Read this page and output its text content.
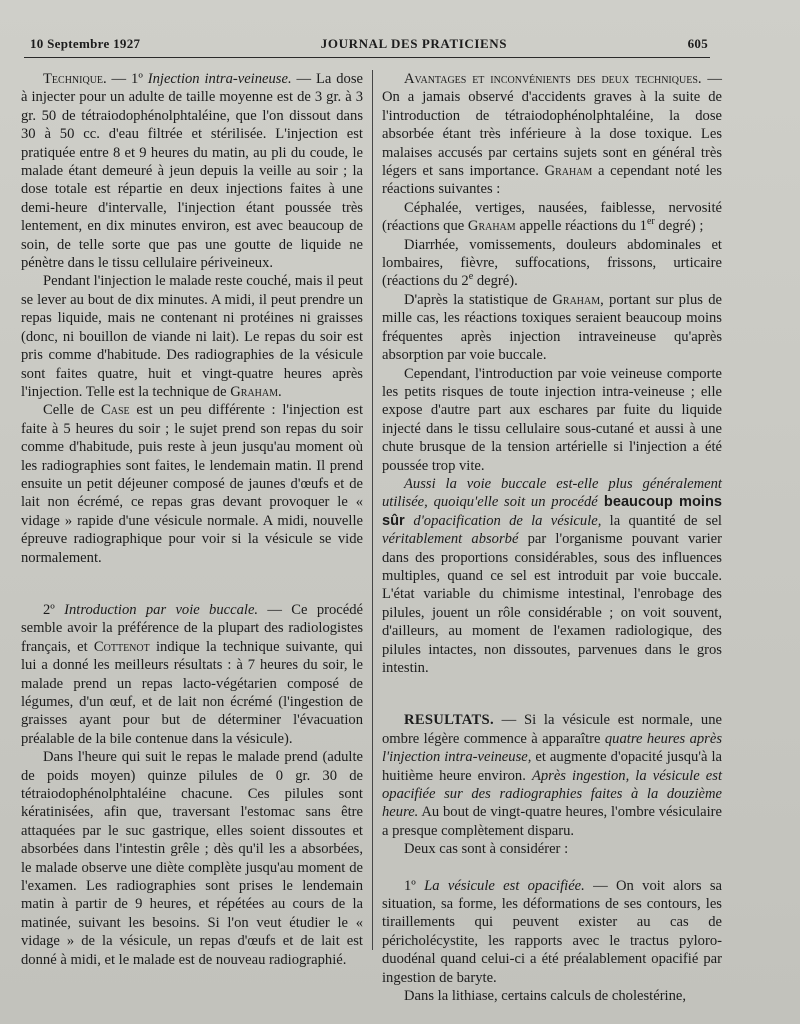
10 Septembre 1927	JOURNAL DES PRATICIENS	605

Technique. — 1º Injection intra-veineuse. — La dose à injecter pour un adulte de taille moyenne est de 3 gr. à 3 gr. 50 de tétraiodophénolphtaléine, que l'on dissout dans 30 à 50 cc. d'eau filtrée et stérilisée. L'injection est pratiquée entre 8 et 9 heures du matin, au pli du coude, le malade étant demeuré à jeun depuis la veille au soir ; la dose totale est répartie en deux injections faites à une demi-heure d'intervalle, l'injection étant poussée très lentement, en dix minutes environ, est avec beaucoup de soin, de telle sorte que pas une goutte de liquide ne pénètre dans le tissu cellulaire périveineux.

Pendant l'injection le malade reste couché, mais il peut se lever au bout de dix minutes. A midi, il peut prendre un repas liquide, mais ne contenant ni protéines ni graisses (donc, ni bouillon de viande ni lait). Le repas du soir est pris comme d'habitude. Des radiographies de la vésicule sont faites quatre, huit et vingt-quatre heures après l'injection. Telle est la technique de Graham.

Celle de Case est un peu différente : l'injection est faite à 5 heures du soir ; le sujet prend son repas du soir comme d'habitude, puis reste à jeun jusqu'au moment où les radiographies sont faites, le lendemain matin. Il prend ensuite un petit déjeuner composé de jaunes d'œufs et de lait non écrémé, ce repas gras devant provoquer le « vidage » rapide d'une vésicule normale. A midi, nouvelle épreuve radiographique pour voir si la vésicule se vide normalement.

2º Introduction par voie buccale. — Ce procédé semble avoir la préférence de la plupart des radiologistes français, et Cottenot indique la technique suivante, qui lui a donné les meilleurs résultats : à 7 heures du soir, le malade prend un repas lacto-végétarien composé de légumes, d'un œuf, et de lait non écrémé (l'ingestion de graisses ayant pour but de déterminer l'évacuation préalable de la bile contenue dans la vésicule).

Dans l'heure qui suit le repas le malade prend (adulte de poids moyen) quinze pilules de 0 gr. 30 de tétraiodophénolphtaléine chacune. Ces pilules sont kératinisées, afin que, traversant l'estomac sans être attaquées par le suc gastrique, elles soient dissoutes et absorbées dans l'intestin grêle ; dès qu'il les a absorbées, le malade observe une diète complète jusqu'au moment de l'examen. Les radiographies sont prises le lendemain matin à partir de 9 heures, et répétées au cours de la matinée, suivant les besoins. Si l'on veut étudier le « vidage » de la vésicule, un repas d'œufs et de lait est donné à midi, et le malade est de nouveau radiographié.

Avantages et inconvénients des deux techniques. — On a jamais observé d'accidents graves à la suite de l'introduction de tétraiodophénolphtaléine, la dose absorbée étant très inférieure à la dose toxique. Les malaises accusés par certains sujets sont en général très légers et sans importance. Graham a cependant noté les réactions suivantes :

Céphalée, vertiges, nausées, faiblesse, nervosité (réactions que Graham appelle réactions du 1er degré) ;

Diarrhée, vomissements, douleurs abdominales et lombaires, fièvre, suffocations, frissons, urticaire (réactions du 2e degré).

D'après la statistique de Graham, portant sur plus de mille cas, les réactions toxiques seraient beaucoup moins fréquentes après injection intraveineuse qu'après absorption par voie buccale.

Cependant, l'introduction par voie veineuse comporte les petits risques de toute injection intra-veineuse ; elle expose d'autre part aux eschares par fuite du liquide injecté dans le tissu cellulaire sous-cutané et aussi à une chute brusque de la tension artérielle si l'injection a été poussée trop vite.

Aussi la voie buccale est-elle plus généralement utilisée, quoiqu'elle soit un procédé beaucoup moins sûr d'opacification de la vésicule, la quantité de sel véritablement absorbé par l'organisme pouvant varier dans des proportions considérables, sous des influences multiples, quand ce sel est introduit par voie buccale. L'état variable du chimisme intestinal, l'enrobage des pilules, jouent un rôle considérable ; on voit souvent, d'ailleurs, au moment de l'examen radiologique, des pilules intactes, non dissoutes, parvenues dans le gros intestin.

RESULTATS. — Si la vésicule est normale, une ombre légère commence à apparaître quatre heures après l'injection intra-veineuse, et augmente d'opacité jusqu'à la huitième heure environ. Après ingestion, la vésicule est opacifiée sur des radiographies faites à la douzième heure. Au bout de vingt-quatre heures, l'ombre vésiculaire a presque complètement disparu.

Deux cas sont à considérer :

1º La vésicule est opacifiée. — On voit alors sa situation, sa forme, les déformations de ses contours, les tiraillements qui peuvent exister au cas de péricholécystite, les rapports avec le tractus pyloro-duodénal quand celui-ci a été préalablement opacifié par ingestion de baryte.

Dans la lithiase, certains calculs de cholestérine,
